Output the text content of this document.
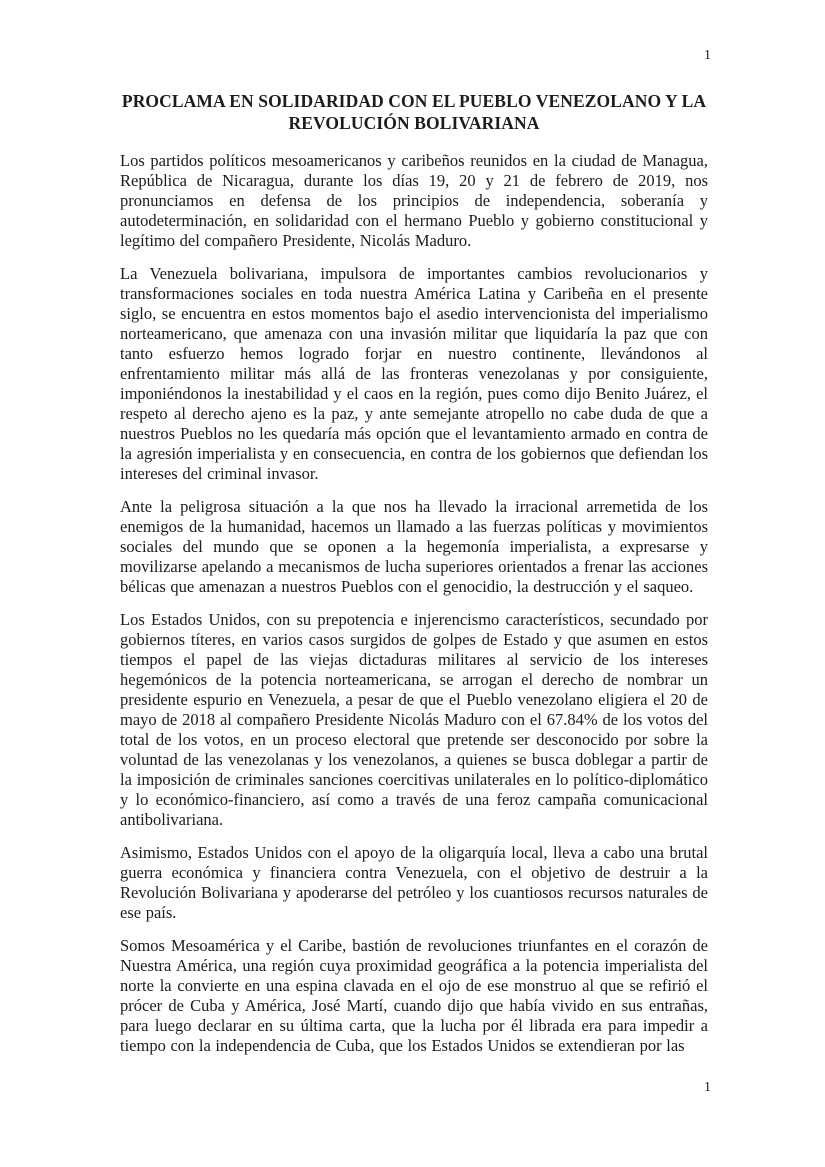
1
PROCLAMA EN SOLIDARIDAD CON EL PUEBLO VENEZOLANO Y LA REVOLUCIÓN BOLIVARIANA

Los partidos políticos mesoamericanos y caribeños reunidos en la ciudad de Managua, República de Nicaragua, durante los días 19, 20 y 21 de febrero de 2019, nos pronunciamos en defensa de los principios de independencia, soberanía y autodeterminación, en solidaridad con el hermano Pueblo y gobierno constitucional y legítimo del compañero Presidente, Nicolás Maduro.

La Venezuela bolivariana, impulsora de importantes cambios revolucionarios y transformaciones sociales en toda nuestra América Latina y Caribeña en el presente siglo, se encuentra en estos momentos bajo el asedio intervencionista del imperialismo norteamericano, que amenaza con una invasión militar que liquidaría la paz que con tanto esfuerzo hemos logrado forjar en nuestro continente, llevándonos al enfrentamiento militar más allá de las fronteras venezolanas y por consiguiente, imponiéndonos la inestabilidad y el caos en la región, pues como dijo Benito Juárez, el respeto al derecho ajeno es la paz, y ante semejante atropello no cabe duda de que a nuestros Pueblos no les quedaría más opción que el levantamiento armado en contra de la agresión imperialista y en consecuencia, en contra de los gobiernos que defiendan los intereses del criminal invasor.

Ante la peligrosa situación a la que nos ha llevado la irracional arremetida de los enemigos de la humanidad, hacemos un llamado a las fuerzas políticas y movimientos sociales del mundo que se oponen a la hegemonía imperialista, a expresarse y movilizarse apelando a mecanismos de lucha superiores orientados a frenar las acciones bélicas que amenazan a nuestros Pueblos con el genocidio, la destrucción y el saqueo.

Los Estados Unidos, con su prepotencia e injerencismo característicos, secundado por gobiernos títeres, en varios casos surgidos de golpes de Estado y que asumen en estos tiempos el papel de las viejas dictaduras militares al servicio de los intereses hegemónicos de la potencia norteamericana, se arrogan el derecho de nombrar un presidente espurio en Venezuela, a pesar de que el Pueblo venezolano eligiera el 20 de mayo de 2018 al compañero Presidente Nicolás Maduro con el 67.84% de los votos del total de los votos, en un proceso electoral que pretende ser desconocido por sobre la voluntad de las venezolanas y los venezolanos, a quienes se busca doblegar a partir de la imposición de criminales sanciones coercitivas unilaterales en lo político-diplomático y lo económico-financiero, así como a través de una feroz campaña comunicacional antibolivariana.

Asimismo, Estados Unidos con el apoyo de la oligarquía local, lleva a cabo una brutal guerra económica y financiera contra Venezuela, con el objetivo de destruir a la Revolución Bolivariana y apoderarse del petróleo y los cuantiosos recursos naturales de ese país.

Somos Mesoamérica y el Caribe, bastión de revoluciones triunfantes en el corazón de Nuestra América, una región cuya proximidad geográfica a la potencia imperialista del norte la convierte en una espina clavada en el ojo de ese monstruo al que se refirió el prócer de Cuba y América, José Martí, cuando dijo que había vivido en sus entrañas, para luego declarar en su última carta, que la lucha por él librada era para impedir a tiempo con la independencia de Cuba, que los Estados Unidos se extendieran por las

1
